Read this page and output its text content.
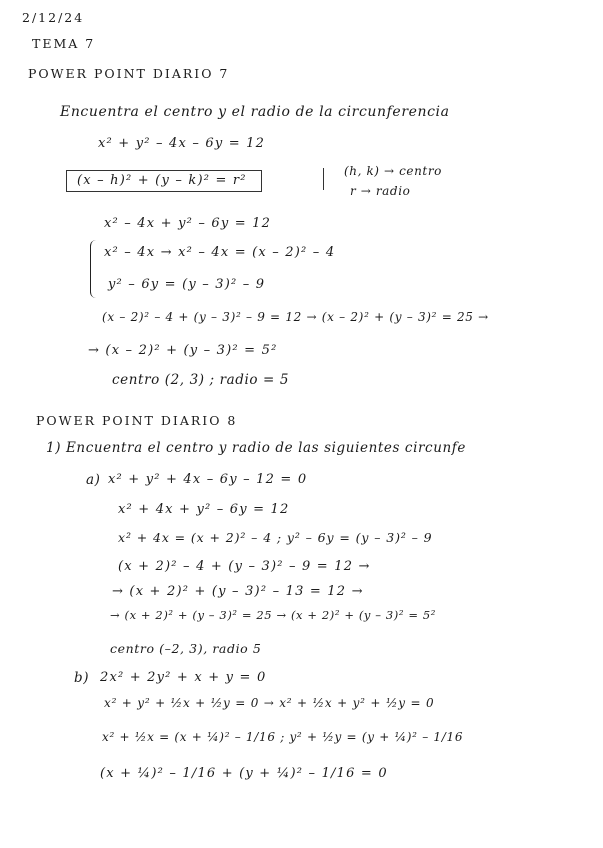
2/12/24
TEMA 7
POWER POINT DIARIO 7
Encuentra el centro y el radio de la circunferencia
x² + y² – 4x – 6y = 12
(x – h)² + (y – k)² = r²
(h, k) → centro
r → radio
x² – 4x + y² – 6y = 12
x² – 4x → x² – 4x = (x – 2)² – 4
y² – 6y = (y – 3)² – 9
(x – 2)² – 4 + (y – 3)² – 9 = 12 → (x – 2)² + (y – 3)² = 25 →
→ (x – 2)² + (y – 3)² = 5²
centro (2, 3) ; radio = 5
POWER POINT DIARIO 8
1) Encuentra el centro y radio de las siguientes circunfe
a) x² + y² + 4x – 6y – 12 = 0
x² + 4x + y² – 6y = 12
x² + 4x = (x + 2)² – 4 ; y² – 6y = (y – 3)² – 9
(x + 2)² – 4 + (y – 3)² – 9 = 12 →
→ (x + 2)² + (y – 3)² – 13 = 12 →
→ (x + 2)² + (y – 3)² = 25 → (x + 2)² + (y – 3)² = 5²
centro (–2, 3), radio 5
b) 2x² + 2y² + x + y = 0
x² + y² + ½x + ½y = 0 → x² + ½x + y² + ½y = 0
x² + ½x = (x + ¼)² – 1/16 ; y² + ½y = (y + ¼)² – 1/16
(x + ¼)² – 1/16 + (y + ¼)² – 1/16 = 0
